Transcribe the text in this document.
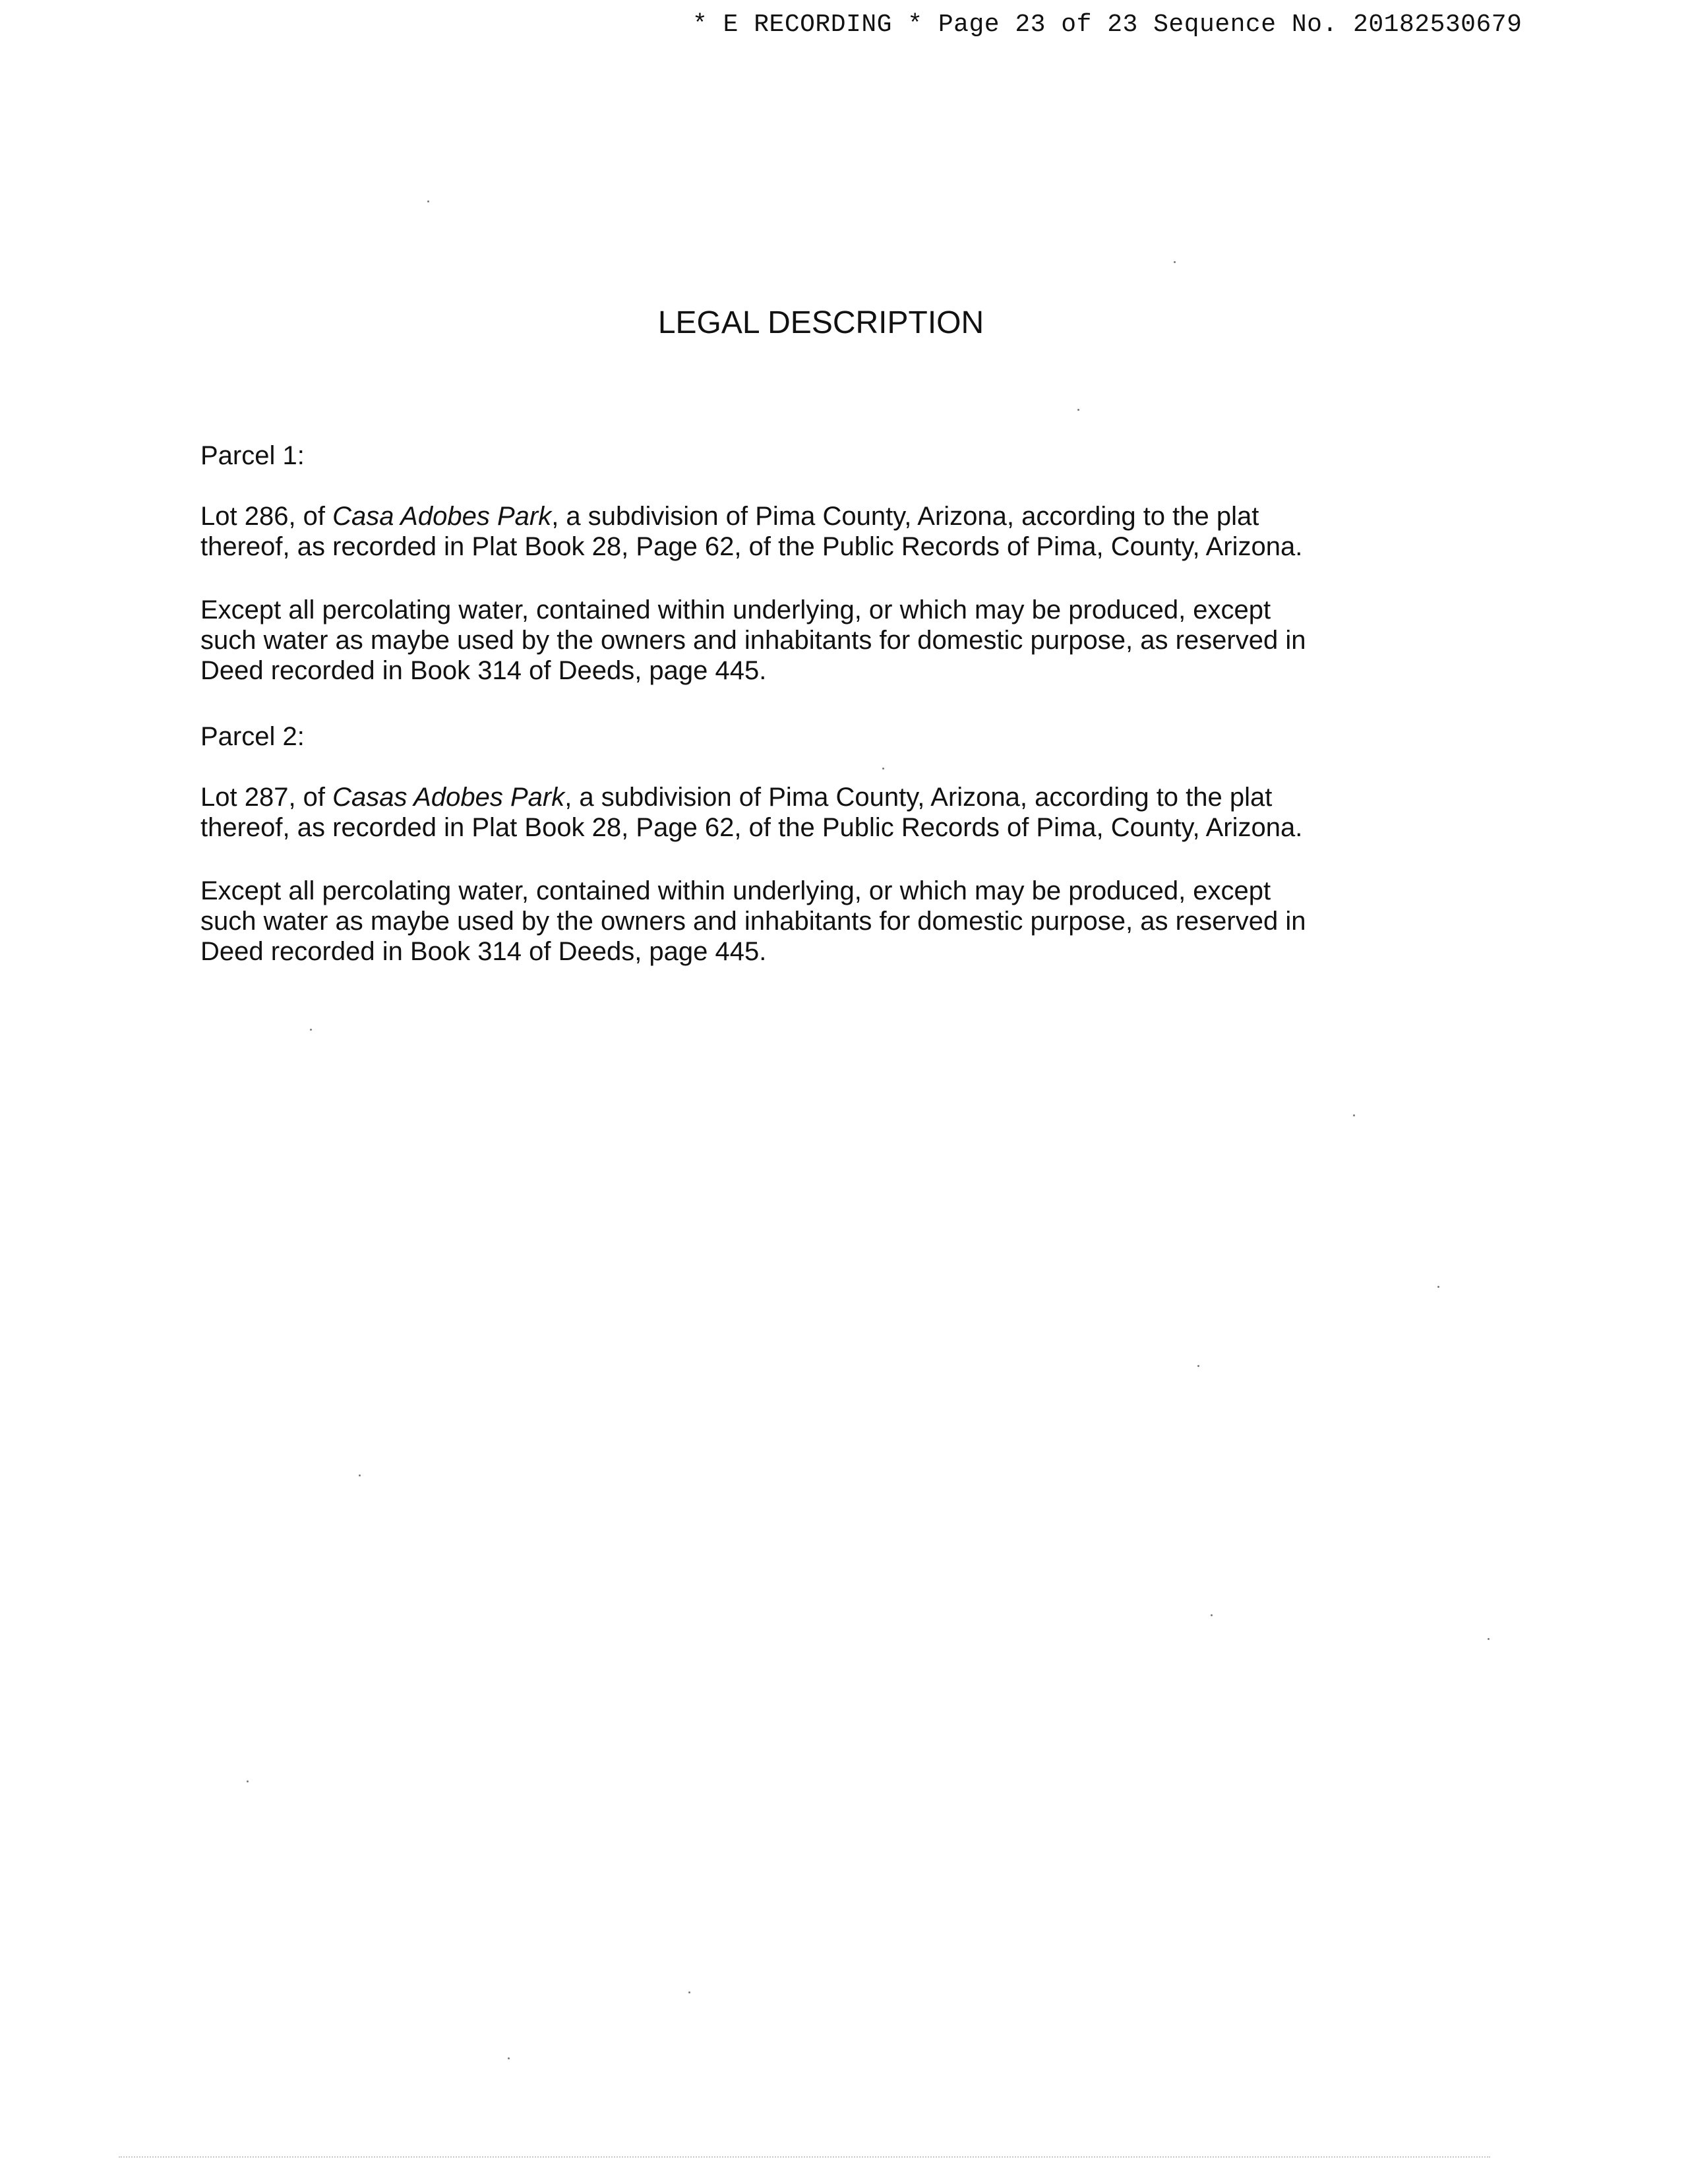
* E RECORDING * Page 23 of 23 Sequence No. 20182530679
LEGAL DESCRIPTION
Parcel 1:
Lot 286, of Casa Adobes Park, a subdivision of Pima County, Arizona, according to the plat
thereof, as recorded in Plat Book 28, Page 62, of the Public Records of Pima, County, Arizona.
Except all percolating water, contained within underlying, or which may be produced, except
such water as maybe used by the owners and inhabitants for domestic purpose, as reserved in
Deed recorded in Book 314 of Deeds, page 445.
Parcel 2:
Lot 287, of Casas Adobes Park, a subdivision of Pima County, Arizona, according to the plat
thereof, as recorded in Plat Book 28, Page 62, of the Public Records of Pima, County, Arizona.
Except all percolating water, contained within underlying, or which may be produced, except
such water as maybe used by the owners and inhabitants for domestic purpose, as reserved in
Deed recorded in Book 314 of Deeds, page 445.
